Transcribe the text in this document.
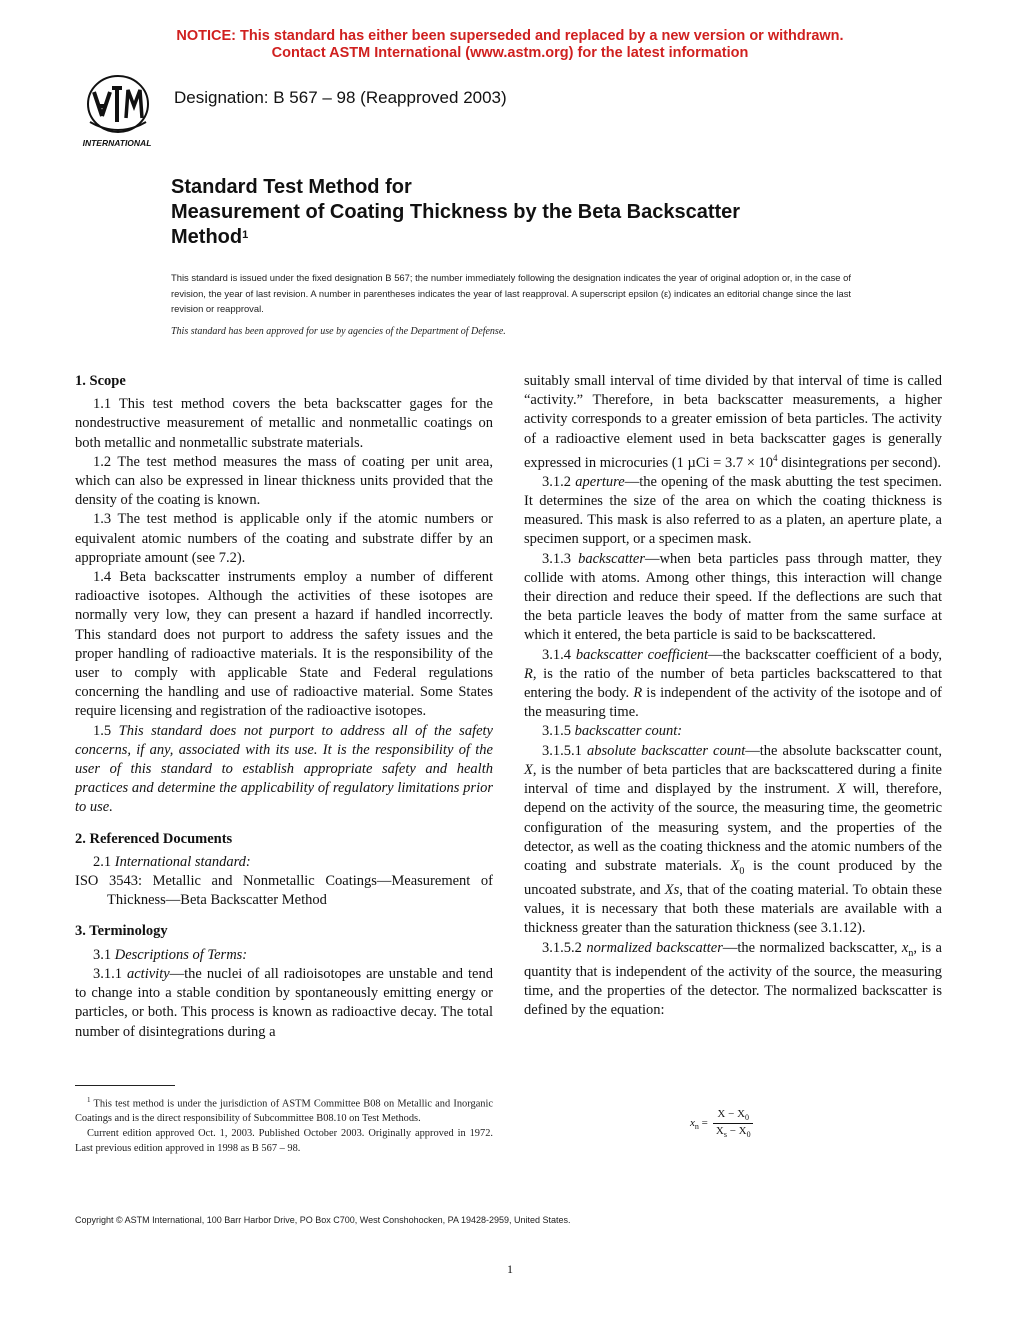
NOTICE: This standard has either been superseded and replaced by a new version or withdrawn.
Contact ASTM International (www.astm.org) for the latest information
INTERNATIONAL
Designation: B 567 – 98 (Reapproved 2003)
Standard Test Method for
Measurement of Coating Thickness by the Beta Backscatter
Method$^1$
This standard is issued under the fixed designation B 567; the number immediately following the designation indicates the year of original adoption or, in the case of revision, the year of last revision. A number in parentheses indicates the year of last reapproval. A superscript epsilon (ε) indicates an editorial change since the last revision or reapproval.
This standard has been approved for use by agencies of the Department of Defense.

1. Scope

1.1 This test method covers the beta backscatter gages for the nondestructive measurement of metallic and nonmetallic coatings on both metallic and nonmetallic substrate materials.

1.2 The test method measures the mass of coating per unit area, which can also be expressed in linear thickness units provided that the density of the coating is known.

1.3 The test method is applicable only if the atomic numbers or equivalent atomic numbers of the coating and substrate differ by an appropriate amount (see 7.2).

1.4 Beta backscatter instruments employ a number of different radioactive isotopes. Although the activities of these isotopes are normally very low, they can present a hazard if handled incorrectly. This standard does not purport to address the safety issues and the proper handling of radioactive materials. It is the responsibility of the user to comply with applicable State and Federal regulations concerning the handling and use of radioactive material. Some States require licensing and registration of the radioactive isotopes.

1.5 This standard does not purport to address all of the safety concerns, if any, associated with its use. It is the responsibility of the user of this standard to establish appropriate safety and health practices and determine the applicability of regulatory limitations prior to use.

2. Referenced Documents

2.1 International standard:

ISO 3543: Metallic and Nonmetallic Coatings—Measurement of Thickness—Beta Backscatter Method

3. Terminology

3.1 Descriptions of Terms:

3.1.1 activity—the nuclei of all radioisotopes are unstable and tend to change into a stable condition by spontaneously emitting energy or particles, or both. This process is known as radioactive decay. The total number of disintegrations during a

suitably small interval of time divided by that interval of time is called “activity.” Therefore, in beta backscatter measurements, a higher activity corresponds to a greater emission of beta particles. The activity of a radioactive element used in beta backscatter gages is generally expressed in microcuries (1 $\mu Ci = 3.7 \times 10^4$ disintegrations per second).

3.1.2 aperture—the opening of the mask abutting the test specimen. It determines the size of the area on which the coating thickness is measured. This mask is also referred to as a platen, an aperture plate, a specimen support, or a specimen mask.

3.1.3 backscatter—when beta particles pass through matter, they collide with atoms. Among other things, this interaction will change their direction and reduce their speed. If the deflections are such that the beta particle leaves the body of matter from the same surface at which it entered, the beta particle is said to be backscattered.

3.1.4 backscatter coefficient—the backscatter coefficient of a body, R, is the ratio of the number of beta particles backscattered to that entering the body. R is independent of the activity of the isotope and of the measuring time.

3.1.5 backscatter count:

3.1.5.1 absolute backscatter count—the absolute backscatter count, X, is the number of beta particles that are backscattered during a finite interval of time and displayed by the instrument. X will, therefore, depend on the activity of the source, the measuring time, the geometric configuration of the measuring system, and the properties of the detector, as well as the coating thickness and the atomic numbers of the coating and substrate materials. $X_0$ is the count produced by the uncoated substrate, and Xs, that of the coating material. To obtain these values, it is necessary that both these materials are available with a thickness greater than the saturation thickness (see 3.1.12).

3.1.5.2 normalized backscatter—the normalized backscatter, $x_n$, is a quantity that is independent of the activity of the source, the measuring time, and the properties of the detector. The normalized backscatter is defined by the equation:

$x_n = \frac{X - X_0}{X_s - X_0}$

$^1$ This test method is under the jurisdiction of ASTM Committee B08 on Metallic and Inorganic Coatings and is the direct responsibility of Subcommittee B08.10 on Test Methods.

Current edition approved Oct. 1, 2003. Published October 2003. Originally approved in 1972. Last previous edition approved in 1998 as B 567 – 98.

Copyright © ASTM International, 100 Barr Harbor Drive, PO Box C700, West Conshohocken, PA 19428-2959, United States.
1
